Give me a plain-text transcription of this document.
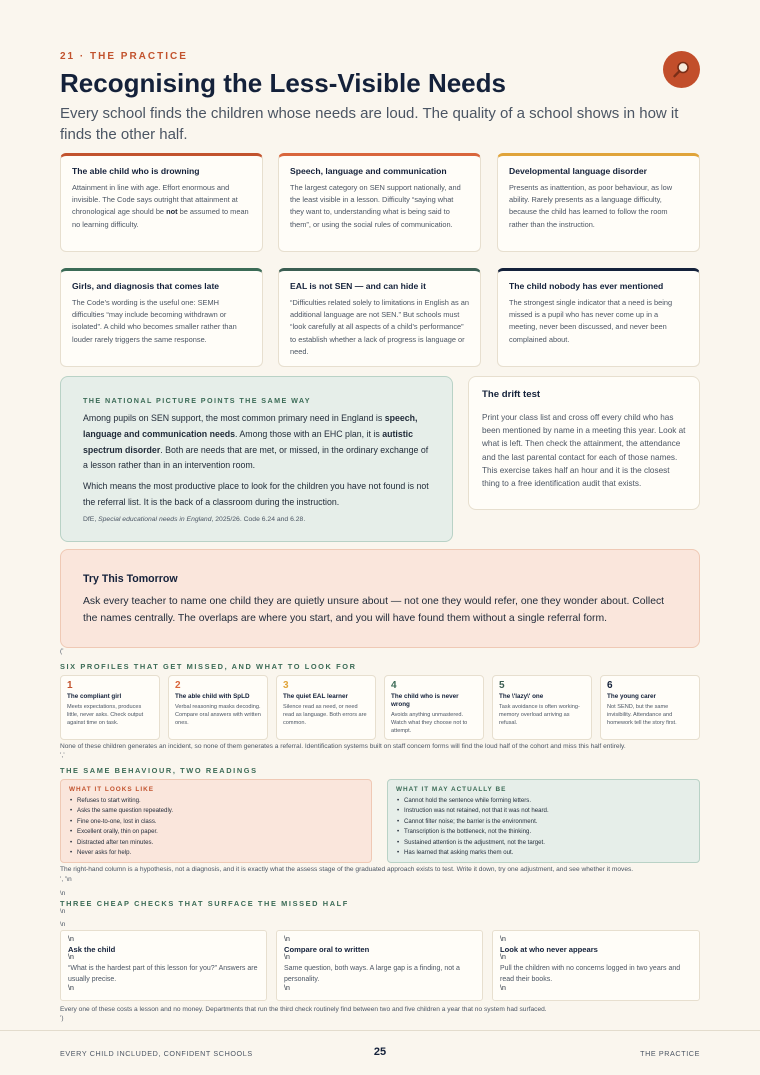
21 · THE PRACTICE
Recognising the Less-Visible Needs
Every school finds the children whose needs are loud. The quality of a school shows in how it finds the other half.
The able child who is drowning
Attainment in line with age. Effort enormous and invisible. The Code says outright that attainment at chronological age should be not be assumed to mean no learning difficulty.
Speech, language and communication
The largest category on SEN support nationally, and the least visible in a lesson. Difficulty “saying what they want to, understanding what is being said to them”, or using the social rules of communication.
Developmental language disorder
Presents as inattention, as poor behaviour, as low ability. Rarely presents as a language difficulty, because the child has learned to follow the room rather than the instruction.
Girls, and diagnosis that comes late
The Code’s wording is the useful one: SEMH difficulties “may include becoming withdrawn or isolated”. A child who becomes smaller rather than louder rarely triggers the same response.
EAL is not SEN — and can hide it
“Difficulties related solely to limitations in English as an additional language are not SEN.” But schools must “look carefully at all aspects of a child’s performance” to establish whether a lack of progress is language or need.
The child nobody has ever mentioned
The strongest single indicator that a need is being missed is a pupil who has never come up in a meeting, never been discussed, and never been complained about.
THE NATIONAL PICTURE POINTS THE SAME WAY
Among pupils on SEN support, the most common primary need in England is speech, language and communication needs. Among those with an EHC plan, it is autistic spectrum disorder. Both are needs that are met, or missed, in the ordinary exchange of a lesson rather than in an intervention room.
Which means the most productive place to look for the children you have not found is not the referral list. It is the back of a classroom during the instruction.
DfE, Special educational needs in England, 2025/26. Code 6.24 and 6.28.
The drift test
Print your class list and cross off every child who has been mentioned by name in a meeting this year. Look at what is left. Then check the attainment, the attendance and the last parental contact for each of those names. This exercise takes half an hour and it is the closest thing to a free identification audit that exists.
Try This Tomorrow
Ask every teacher to name one child they are quietly unsure about — not one they would refer, one they wonder about. Collect the names centrally. The overlaps are where you start, and you will have found them without a single referral form.
(’
SIX PROFILES THAT GET MISSED, AND WHAT TO LOOK FOR
1
The compliant girl
Meets expectations, produces little, never asks. Check output against time on task.
2
The able child with SpLD
Verbal reasoning masks decoding. Compare oral answers with written ones.
3
The quiet EAL learner
Silence read as need, or need read as language. Both errors are common.
4
The child who is never wrong
Avoids anything unmastered. Watch what they choose not to attempt.
5
The \'lazy\' one
Task avoidance is often working-memory overload arriving as refusal.
6
The young carer
Not SEND, but the same invisibility. Attendance and homework tell the story first.
None of these children generates an incident, so none of them generates a referral. Identification systems built on staff concern forms will find the loud half of the cohort and miss this half entirely.
’,’
THE SAME BEHAVIOUR, TWO READINGS
WHAT IT LOOKS LIKE
• Refuses to start writing.
• Asks the same question repeatedly.
• Fine one-to-one, lost in class.
• Excellent orally, thin on paper.
• Distracted after ten minutes.
• Never asks for help.
WHAT IT MAY ACTUALLY BE
• Cannot hold the sentence while forming letters.
• Instruction was not retained, not that it was not heard.
• Cannot filter noise; the barrier is the environment.
• Transcription is the bottleneck, not the thinking.
• Sustained attention is the adjustment, not the target.
• Has learned that asking marks them out.
The right-hand column is a hypothesis, not a diagnosis, and it is exactly what the assess stage of the graduated approach exists to test. Write it down, try one adjustment, and see whether it moves.
’, ’\n
\n
THREE CHEAP CHECKS THAT SURFACE THE MISSED HALF
\n
\n
\n
Ask the child
\n
“What is the hardest part of this lesson for you?” Answers are usually precise.
\n
\n
Compare oral to written
\n
Same question, both ways. A large gap is a finding, not a personality.
\n
\n
Look at who never appears
\n
Pull the children with no concerns logged in two years and read their books.
\n
Every one of these costs a lesson and no money. Departments that run the third check routinely find between two and five children a year that no system had surfaced.
’)
EVERY CHILD INCLUDED, CONFIDENT SCHOOLS	25	THE PRACTICE
